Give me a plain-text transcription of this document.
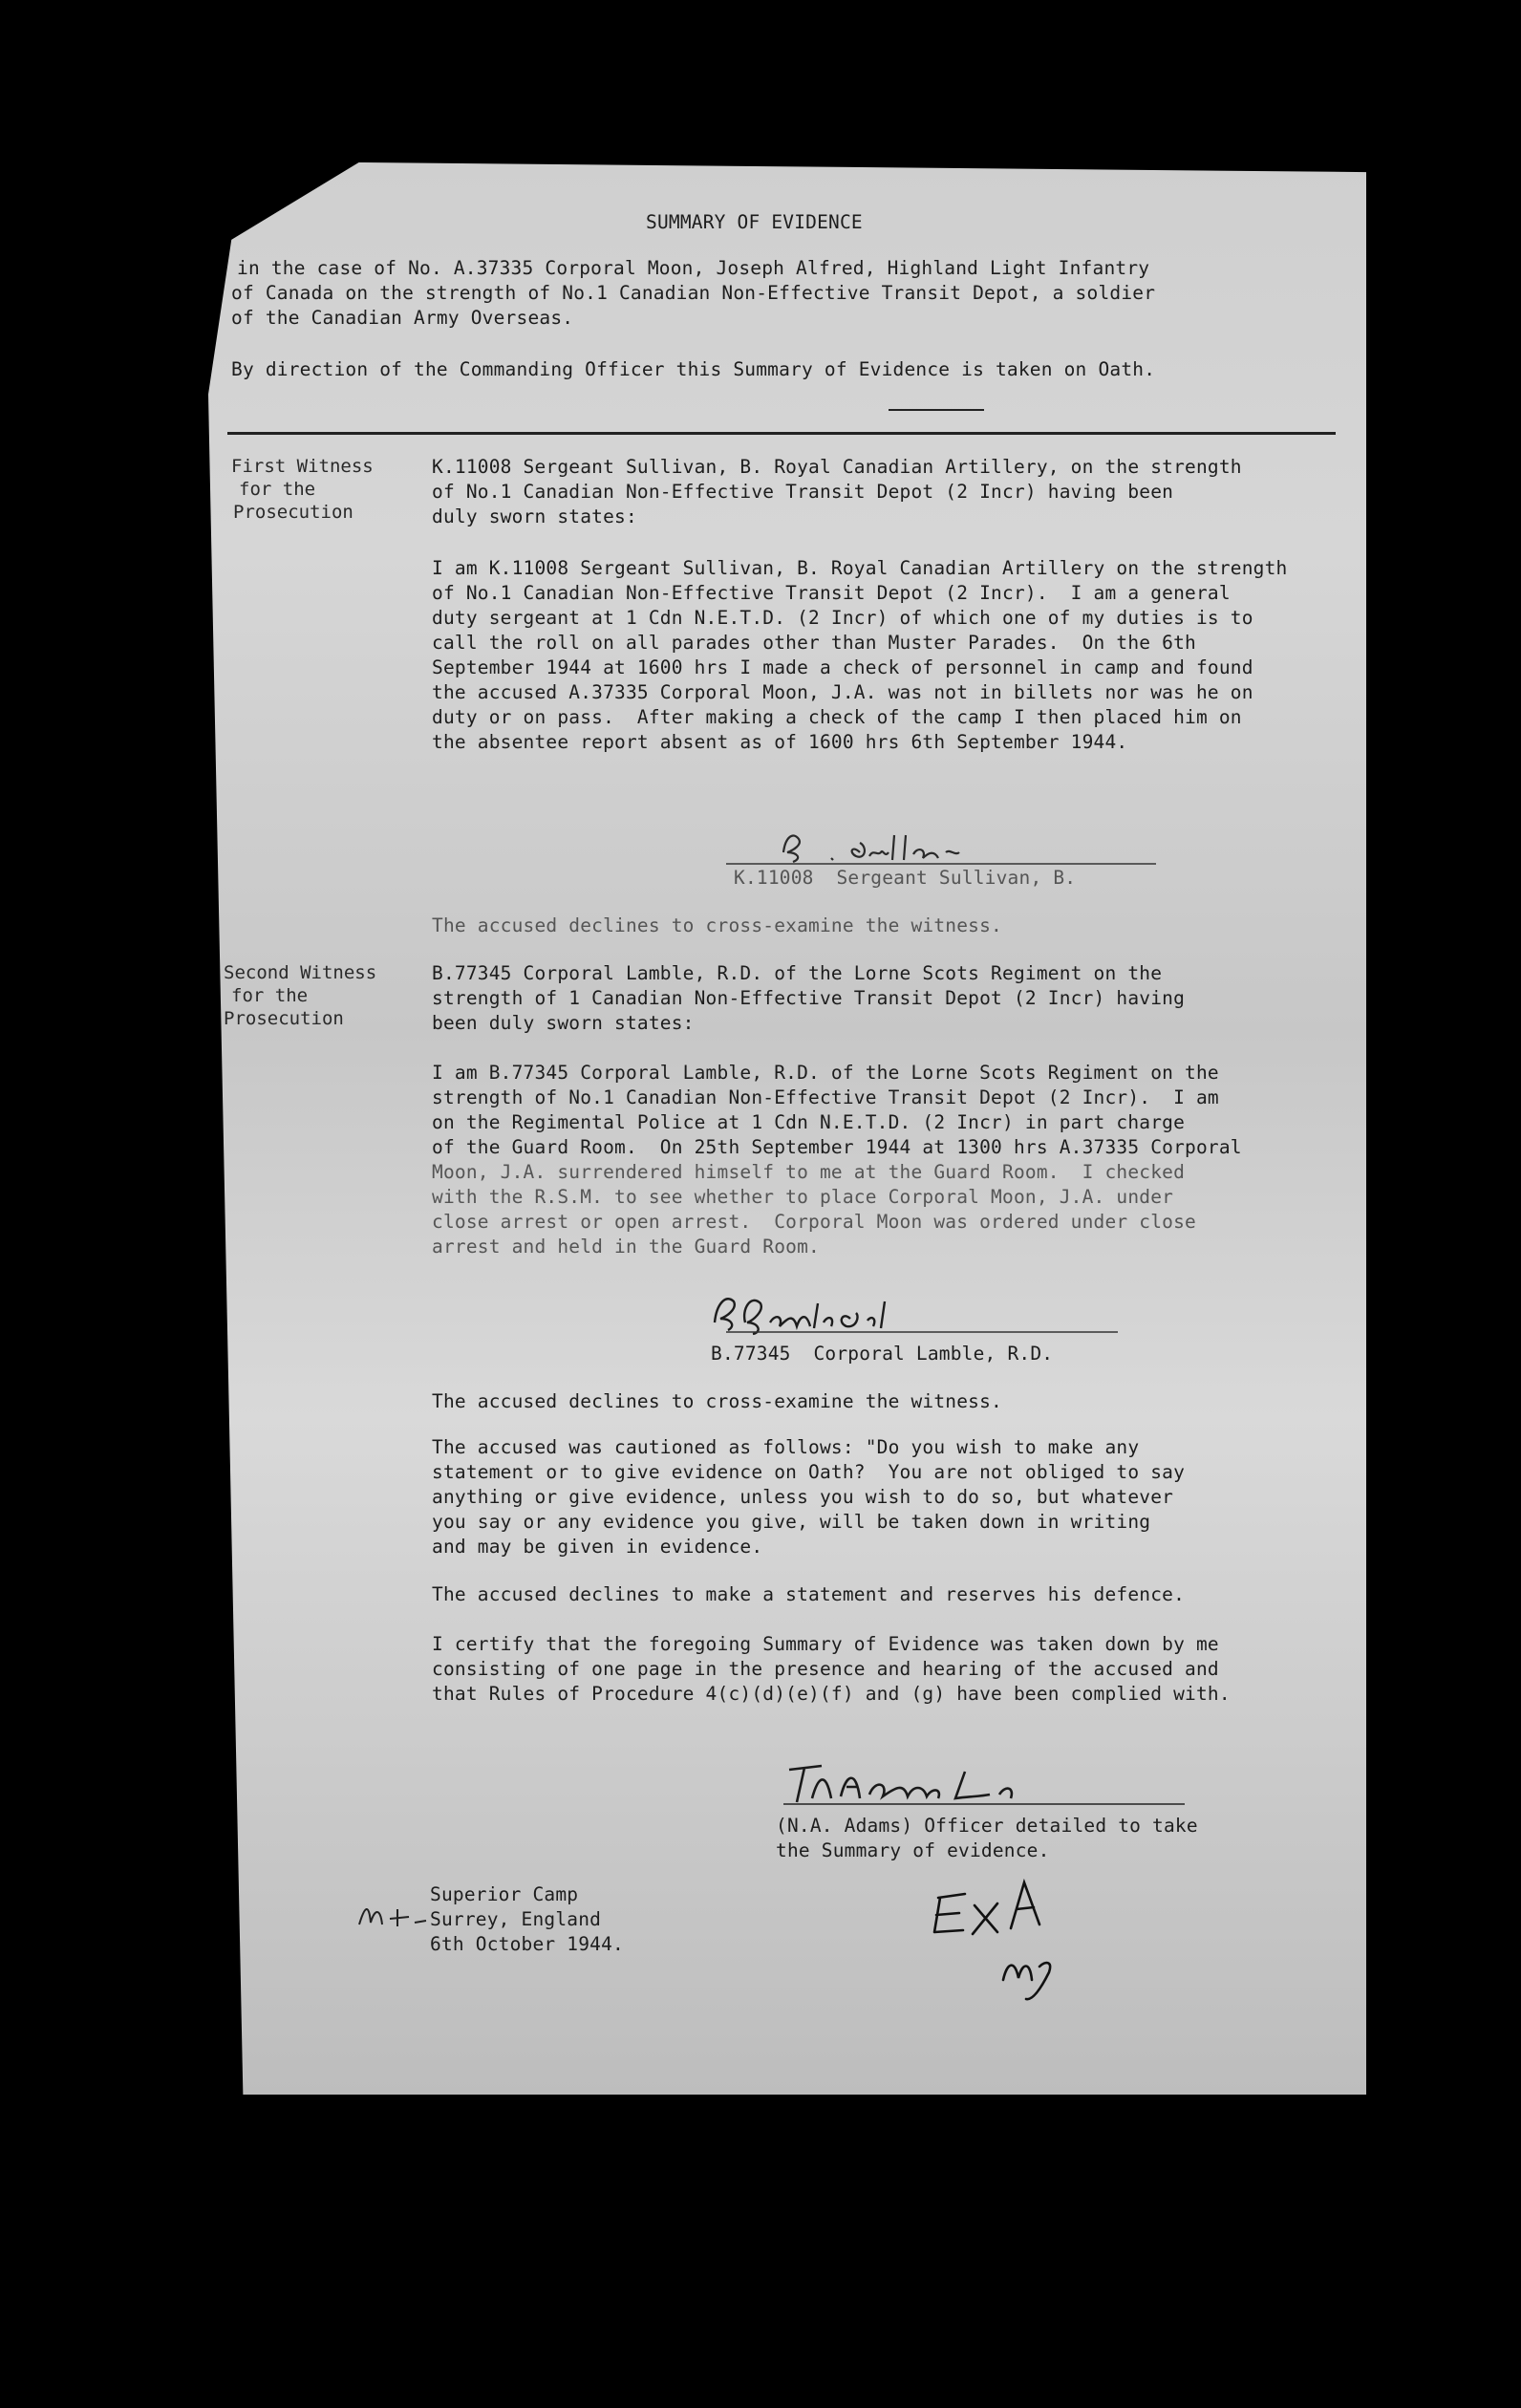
SUMMARY OF EVIDENCE
in the case of No. A.37335 Corporal Moon, Joseph Alfred, Highland Light Infantry
of Canada on the strength of No.1 Canadian Non-Effective Transit Depot, a soldier
of the Canadian Army Overseas.
By direction of the Commanding Officer this Summary of Evidence is taken on Oath.
First Witness
for the
Prosecution
K.11008 Sergeant Sullivan, B. Royal Canadian Artillery, on the strength
of No.1 Canadian Non-Effective Transit Depot (2 Incr) having been
duly sworn states:
I am K.11008 Sergeant Sullivan, B. Royal Canadian Artillery on the strength
of No.1 Canadian Non-Effective Transit Depot (2 Incr).  I am a general
duty sergeant at 1 Cdn N.E.T.D. (2 Incr) of which one of my duties is to
call the roll on all parades other than Muster Parades.  On the 6th
September 1944 at 1600 hrs I made a check of personnel in camp and found
the accused A.37335 Corporal Moon, J.A. was not in billets nor was he on
duty or on pass.  After making a check of the camp I then placed him on
the absentee report absent as of 1600 hrs 6th September 1944.
K.11008  Sergeant Sullivan, B.
The accused declines to cross-examine the witness.
Second Witness
for the
Prosecution
B.77345 Corporal Lamble, R.D. of the Lorne Scots Regiment on the
strength of 1 Canadian Non-Effective Transit Depot (2 Incr) having
been duly sworn states:
I am B.77345 Corporal Lamble, R.D. of the Lorne Scots Regiment on the
strength of No.1 Canadian Non-Effective Transit Depot (2 Incr).  I am
on the Regimental Police at 1 Cdn N.E.T.D. (2 Incr) in part charge
of the Guard Room.  On 25th September 1944 at 1300 hrs A.37335 Corporal
Moon, J.A. surrendered himself to me at the Guard Room.  I checked
with the R.S.M. to see whether to place Corporal Moon, J.A. under
close arrest or open arrest.  Corporal Moon was ordered under close
arrest and held in the Guard Room.
B.77345  Corporal Lamble, R.D.
The accused declines to cross-examine the witness.
The accused was cautioned as follows: "Do you wish to make any
statement or to give evidence on Oath?  You are not obliged to say
anything or give evidence, unless you wish to do so, but whatever
you say or any evidence you give, will be taken down in writing
and may be given in evidence.
The accused declines to make a statement and reserves his defence.
I certify that the foregoing Summary of Evidence was taken down by me
consisting of one page in the presence and hearing of the accused and
that Rules of Procedure 4(c)(d)(e)(f) and (g) have been complied with.
(N.A. Adams) Officer detailed to take
the Summary of evidence.
Superior Camp
Surrey, England
6th October 1944.
